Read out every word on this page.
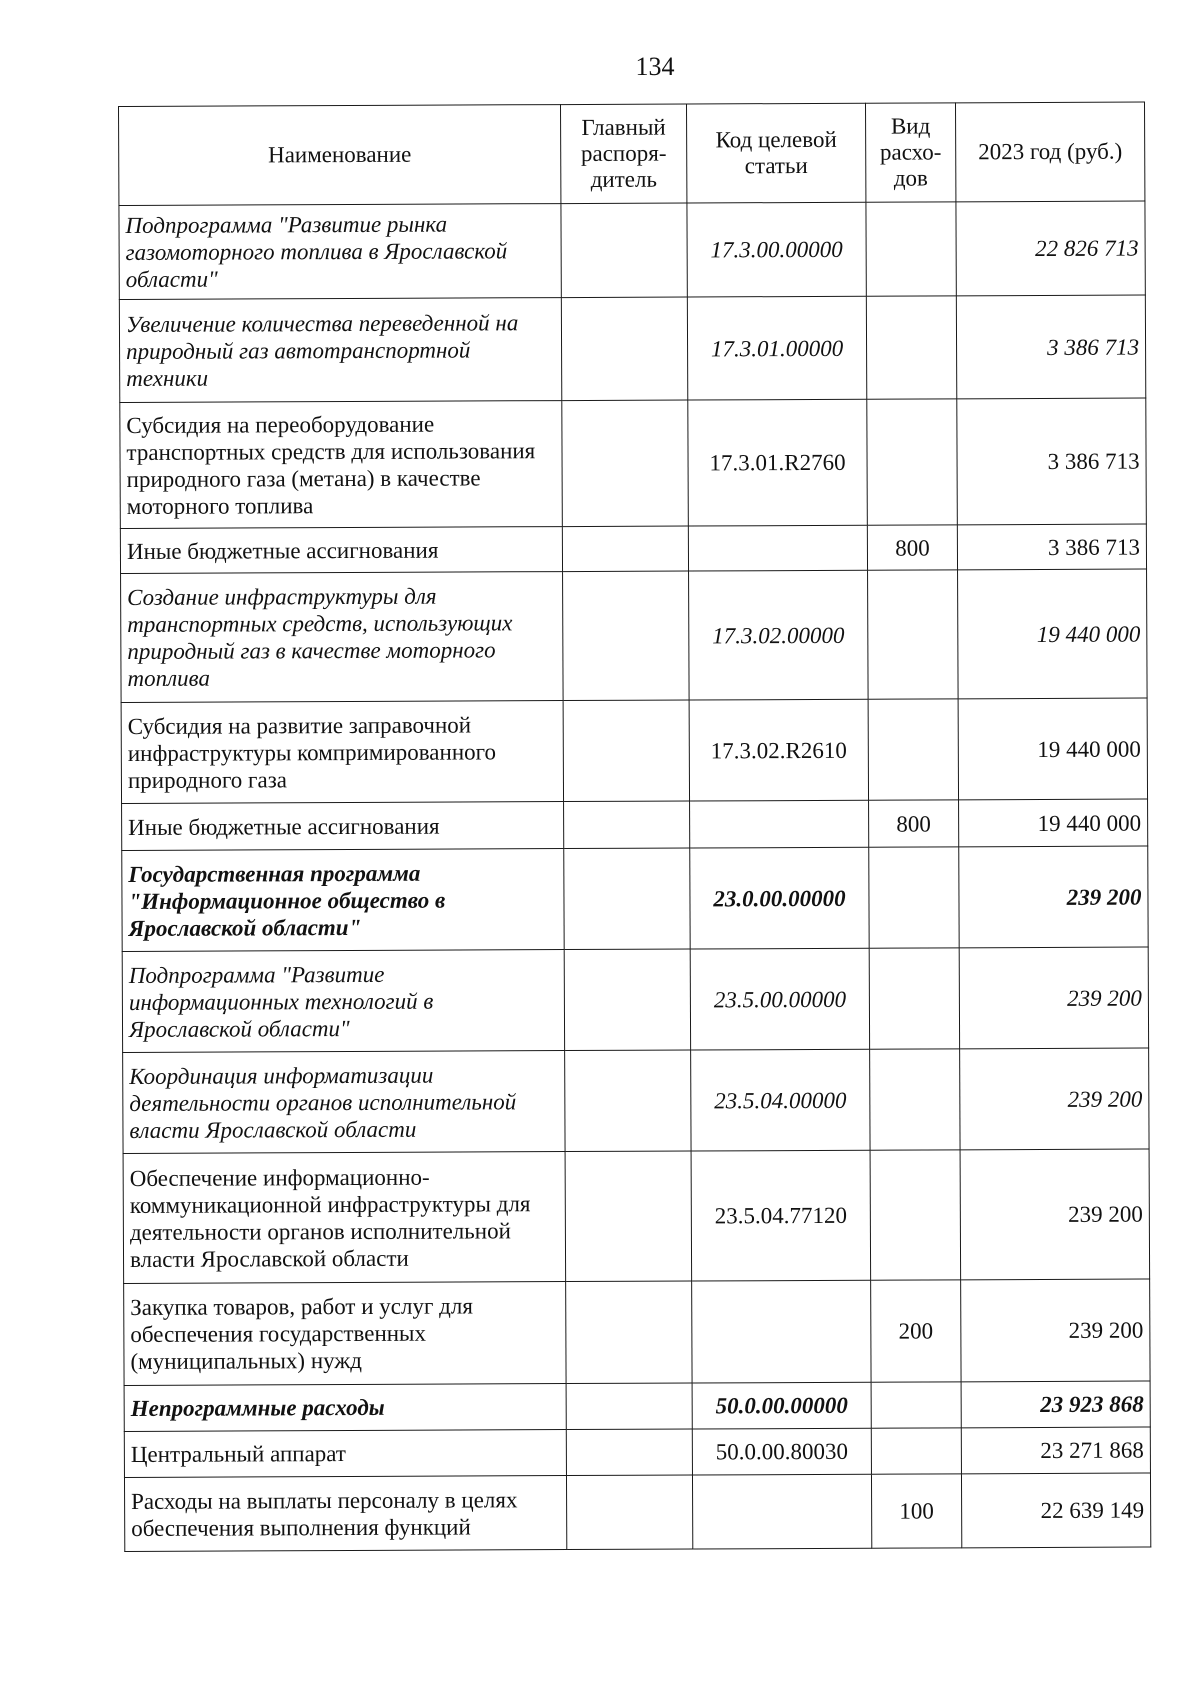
134
Наименование	Главный распоря-дитель	Код целевой статьи	Вид расхо-дов	2023 год (руб.)
Подпрограмма "Развитие рынка газомоторного топлива в Ярославской области"		17.3.00.00000		22 826 713
Увеличение количества переведенной на природный газ автотранспортной техники		17.3.01.00000		3 386 713
Субсидия на переоборудование транспортных средств для использования природного газа (метана) в качестве моторного топлива		17.3.01.R2760		3 386 713
Иные бюджетные ассигнования			800	3 386 713
Создание инфраструктуры для транспортных средств, использующих природный газ в качестве моторного топлива		17.3.02.00000		19 440 000
Субсидия на развитие заправочной инфраструктуры компримированного природного газа		17.3.02.R2610		19 440 000
Иные бюджетные ассигнования			800	19 440 000
Государственная программа "Информационное общество в Ярославской области"		23.0.00.00000		239 200
Подпрограмма "Развитие информационных технологий в Ярославской области"		23.5.00.00000		239 200
Координация информатизации деятельности органов исполнительной власти Ярославской области		23.5.04.00000		239 200
Обеспечение информационно-коммуникационной инфраструктуры для деятельности органов исполнительной власти Ярославской области		23.5.04.77120		239 200
Закупка товаров, работ и услуг для обеспечения государственных (муниципальных) нужд			200	239 200
Непрограммные расходы		50.0.00.00000		23 923 868
Центральный аппарат		50.0.00.80030		23 271 868
Расходы на выплаты персоналу в целях обеспечения выполнения функций			100	22 639 149
